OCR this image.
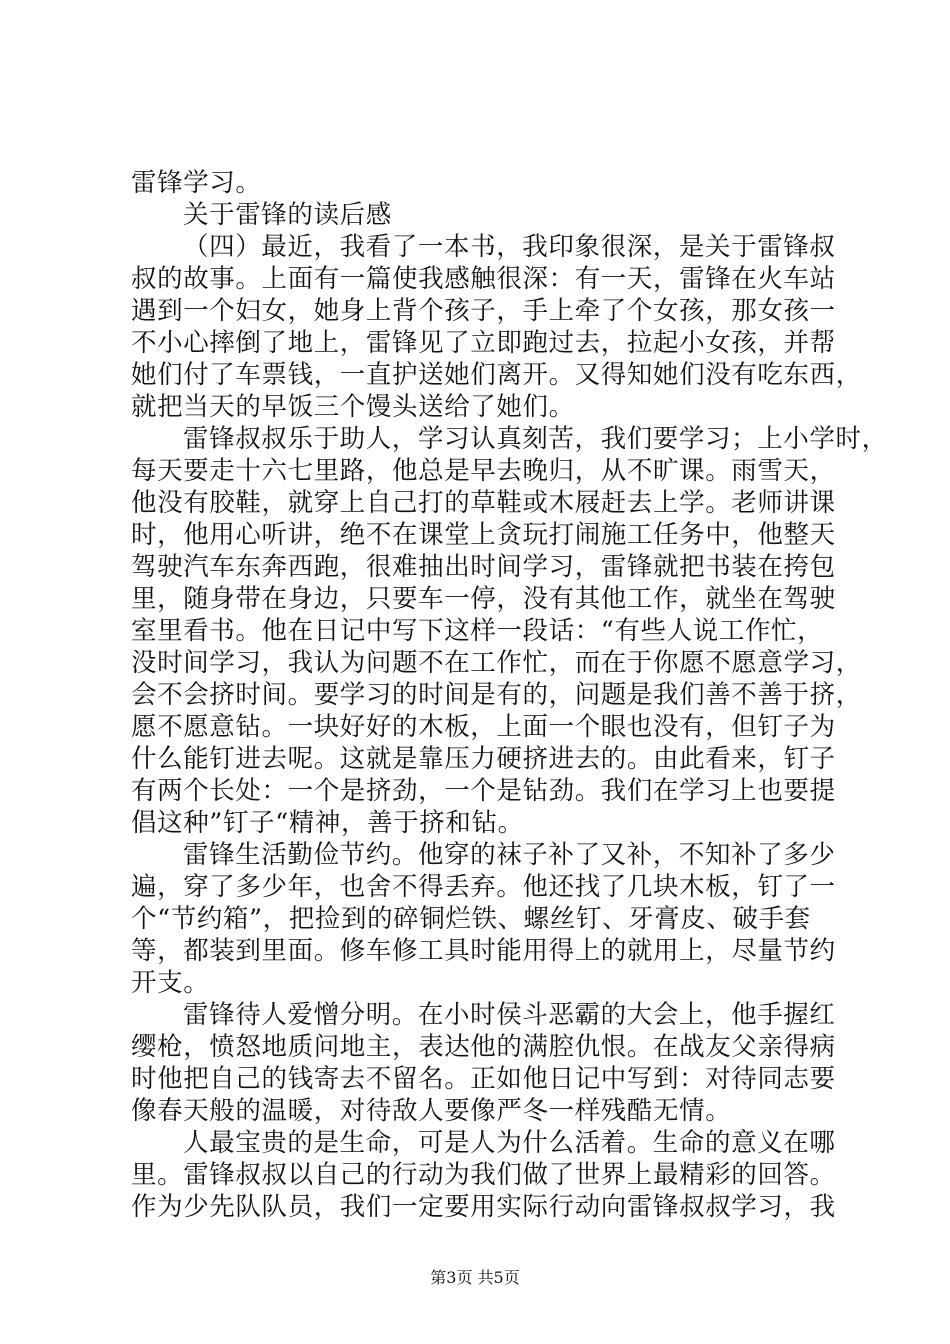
雷锋学习。
关于雷锋的读后感
（四）最近，我看了一本书，我印象很深，是关于雷锋叔
叔的故事。上面有一篇使我感触很深：有一天，雷锋在火车站
遇到一个妇女，她身上背个孩子，手上牵了个女孩，那女孩一
不小心摔倒了地上，雷锋见了立即跑过去，拉起小女孩，并帮
她们付了车票钱，一直护送她们离开。又得知她们没有吃东西，
就把当天的早饭三个馒头送给了她们。
雷锋叔叔乐于助人，学习认真刻苦，我们要学习；上小学时，
每天要走十六七里路，他总是早去晚归，从不旷课。雨雪天，
他没有胶鞋，就穿上自己打的草鞋或木屐赶去上学。老师讲课
时，他用心听讲，绝不在课堂上贪玩打闹施工任务中，他整天
驾驶汽车东奔西跑，很难抽出时间学习，雷锋就把书装在挎包
里，随身带在身边，只要车一停，没有其他工作，就坐在驾驶
室里看书。他在日记中写下这样一段话：“有些人说工作忙，
没时间学习，我认为问题不在工作忙，而在于你愿不愿意学习，
会不会挤时间。要学习的时间是有的，问题是我们善不善于挤，
愿不愿意钻。一块好好的木板，上面一个眼也没有，但钉子为
什么能钉进去呢。这就是靠压力硬挤进去的。由此看来，钉子
有两个长处：一个是挤劲，一个是钻劲。我们在学习上也要提
倡这种”钉子“精神，善于挤和钻。
雷锋生活勤俭节约。他穿的袜子补了又补，不知补了多少
遍，穿了多少年，也舍不得丢弃。他还找了几块木板，钉了一
个“节约箱”，把捡到的碎铜烂铁、螺丝钉、牙膏皮、破手套
等，都装到里面。修车修工具时能用得上的就用上，尽量节约
开支。
雷锋待人爱憎分明。在小时侯斗恶霸的大会上，他手握红
缨枪，愤怒地质问地主，表达他的满腔仇恨。在战友父亲得病
时他把自己的钱寄去不留名。正如他日记中写到：对待同志要
像春天般的温暖，对待敌人要像严冬一样残酷无情。
人最宝贵的是生命，可是人为什么活着。生命的意义在哪
里。雷锋叔叔以自己的行动为我们做了世界上最精彩的回答。
作为少先队队员，我们一定要用实际行动向雷锋叔叔学习，我
第3页 共5页
